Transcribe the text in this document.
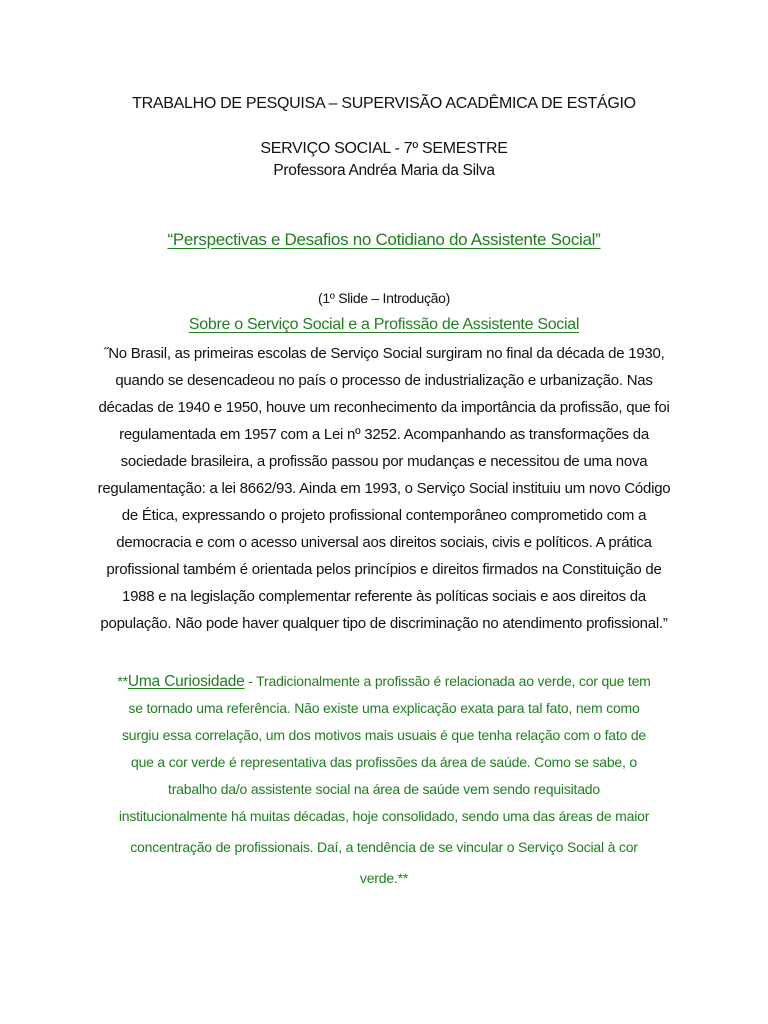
TRABALHO DE PESQUISA – SUPERVISÃO ACADÊMICA DE ESTÁGIO
SERVIÇO SOCIAL - 7º SEMESTRE
Professora Andréa Maria da Silva
“Perspectivas e Desafios no Cotidiano do Assistente Social”
(1º Slide – Introdução)
Sobre o Serviço Social e a Profissão de Assistente Social
˝No Brasil, as primeiras escolas de Serviço Social surgiram no final da década de 1930,
quando se desencadeou no país o processo de industrialização e urbanização. Nas
décadas de 1940 e 1950, houve um reconhecimento da importância da profissão, que foi
regulamentada em 1957 com a Lei nº 3252. Acompanhando as transformações da
sociedade brasileira, a profissão passou por mudanças e necessitou de uma nova
regulamentação: a lei 8662/93. Ainda em 1993, o Serviço Social instituiu um novo Código
de Ética, expressando o projeto profissional contemporâneo comprometido com a
democracia e com o acesso universal aos direitos sociais, civis e políticos. A prática
profissional também é orientada pelos princípios e direitos firmados na Constituição de
1988 e na legislação complementar referente às políticas sociais e aos direitos da
população. Não pode haver qualquer tipo de discriminação no atendimento profissional.”
**Uma Curiosidade - Tradicionalmente a profissão é relacionada ao verde, cor que tem
se tornado uma referência. Não existe uma explicação exata para tal fato, nem como
surgiu essa correlação, um dos motivos mais usuais é que tenha relação com o fato de
que a cor verde é representativa das profissões da área de saúde. Como se sabe, o
trabalho da/o assistente social na área de saúde vem sendo requisitado
institucionalmente há muitas décadas, hoje consolidado, sendo uma das áreas de maior
concentração de profissionais. Daí, a tendência de se vincular o Serviço Social à cor
verde.**
